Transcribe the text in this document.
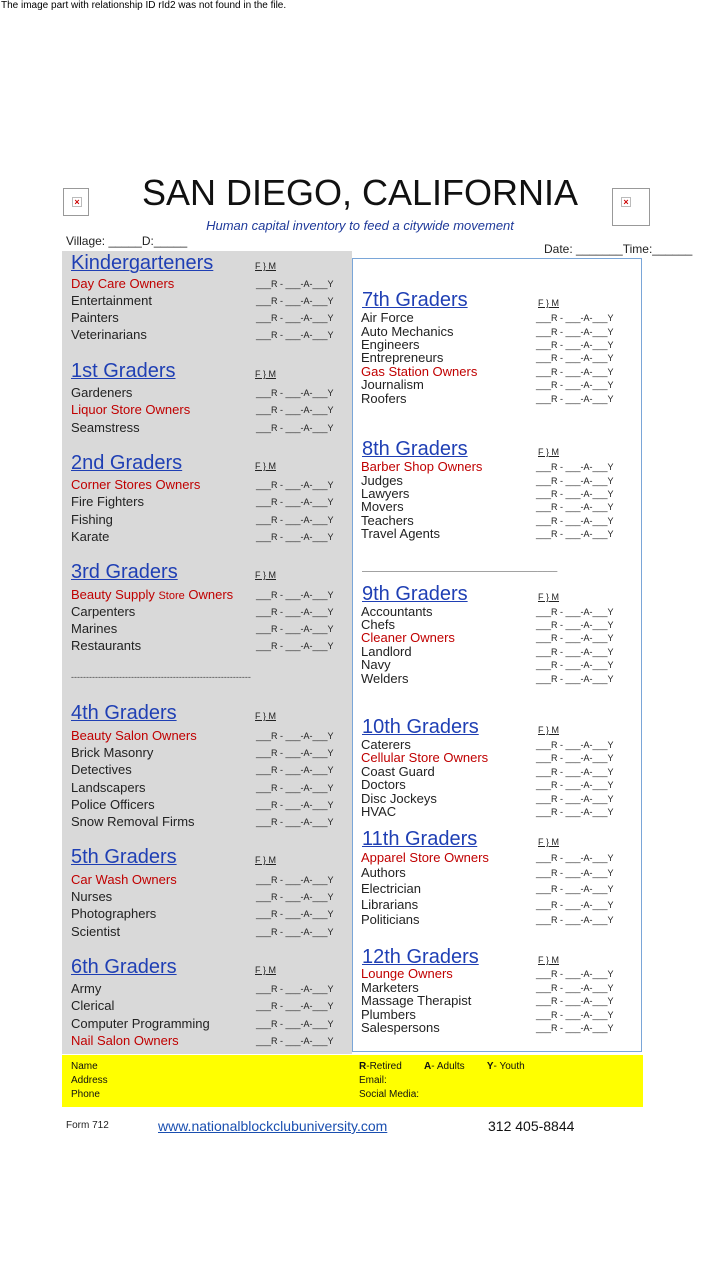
The image part with relationship ID rId2 was not found in the file.
×	×
SAN DIEGO, CALIFORNIA
Human capital inventory to feed a citywide movement
Village: _____D:_____
Date: _______Time:______
Kindergarteners	F } M
Day Care Owners	___R - ___-A-___Y
Entertainment	___R - ___-A-___Y
Painters	___R - ___-A-___Y
Veterinarians	___R - ___-A-___Y
1st Graders	F } M
Gardeners	___R - ___-A-___Y
Liquor Store Owners	___R - ___-A-___Y
Seamstress	___R - ___-A-___Y
2nd Graders	F } M
Corner Stores Owners	___R - ___-A-___Y
Fire Fighters	___R - ___-A-___Y
Fishing	___R - ___-A-___Y
Karate	___R - ___-A-___Y
3rd Graders	F } M
Beauty Supply Store Owners	___R - ___-A-___Y
Carpenters	___R - ___-A-___Y
Marines	___R - ___-A-___Y
Restaurants	___R - ___-A-___Y
4th Graders	F } M
Beauty Salon Owners	___R - ___-A-___Y
Brick Masonry	___R - ___-A-___Y
Detectives	___R - ___-A-___Y
Landscapers	___R - ___-A-___Y
Police Officers	___R - ___-A-___Y
Snow Removal Firms	___R - ___-A-___Y
5th Graders	F } M
Car Wash Owners	___R - ___-A-___Y
Nurses	___R - ___-A-___Y
Photographers	___R - ___-A-___Y
Scientist	___R - ___-A-___Y
6th Graders	F } M
Army	___R - ___-A-___Y
Clerical	___R - ___-A-___Y
Computer Programming	___R - ___-A-___Y
Nail Salon Owners	___R - ___-A-___Y
7th Graders	F } M
Air Force	___R - ___-A-___Y
Auto Mechanics	___R - ___-A-___Y
Engineers	___R - ___-A-___Y
Entrepreneurs	___R - ___-A-___Y
Gas Station Owners	___R - ___-A-___Y
Journalism	___R - ___-A-___Y
Roofers	___R - ___-A-___Y
8th Graders	F } M
Barber Shop Owners	___R - ___-A-___Y
Judges	___R - ___-A-___Y
Lawyers	___R - ___-A-___Y
Movers	___R - ___-A-___Y
Teachers	___R - ___-A-___Y
Travel Agents	___R - ___-A-___Y
9th Graders	F } M
Accountants	___R - ___-A-___Y
Chefs	___R - ___-A-___Y
Cleaner Owners	___R - ___-A-___Y
Landlord	___R - ___-A-___Y
Navy	___R - ___-A-___Y
Welders	___R - ___-A-___Y
10th Graders	F } M
Caterers	___R - ___-A-___Y
Cellular Store Owners	___R - ___-A-___Y
Coast Guard	___R - ___-A-___Y
Doctors	___R - ___-A-___Y
Disc Jockeys	___R - ___-A-___Y
HVAC	___R - ___-A-___Y
11th Graders	F } M
Apparel Store Owners	___R - ___-A-___Y
Authors	___R - ___-A-___Y
Electrician	___R - ___-A-___Y
Librarians	___R - ___-A-___Y
Politicians	___R - ___-A-___Y
12th Graders	F } M
Lounge Owners	___R - ___-A-___Y
Marketers	___R - ___-A-___Y
Massage Therapist	___R - ___-A-___Y
Plumbers	___R - ___-A-___Y
Salespersons	___R - ___-A-___Y
------------------------------------------------------------
_______________________________________
Name
Address
Phone
R-Retired A- Adults Y- Youth
Email:
Social Media:
Form 712	www.nationalblockclubuniversity.com	312 405-8844
